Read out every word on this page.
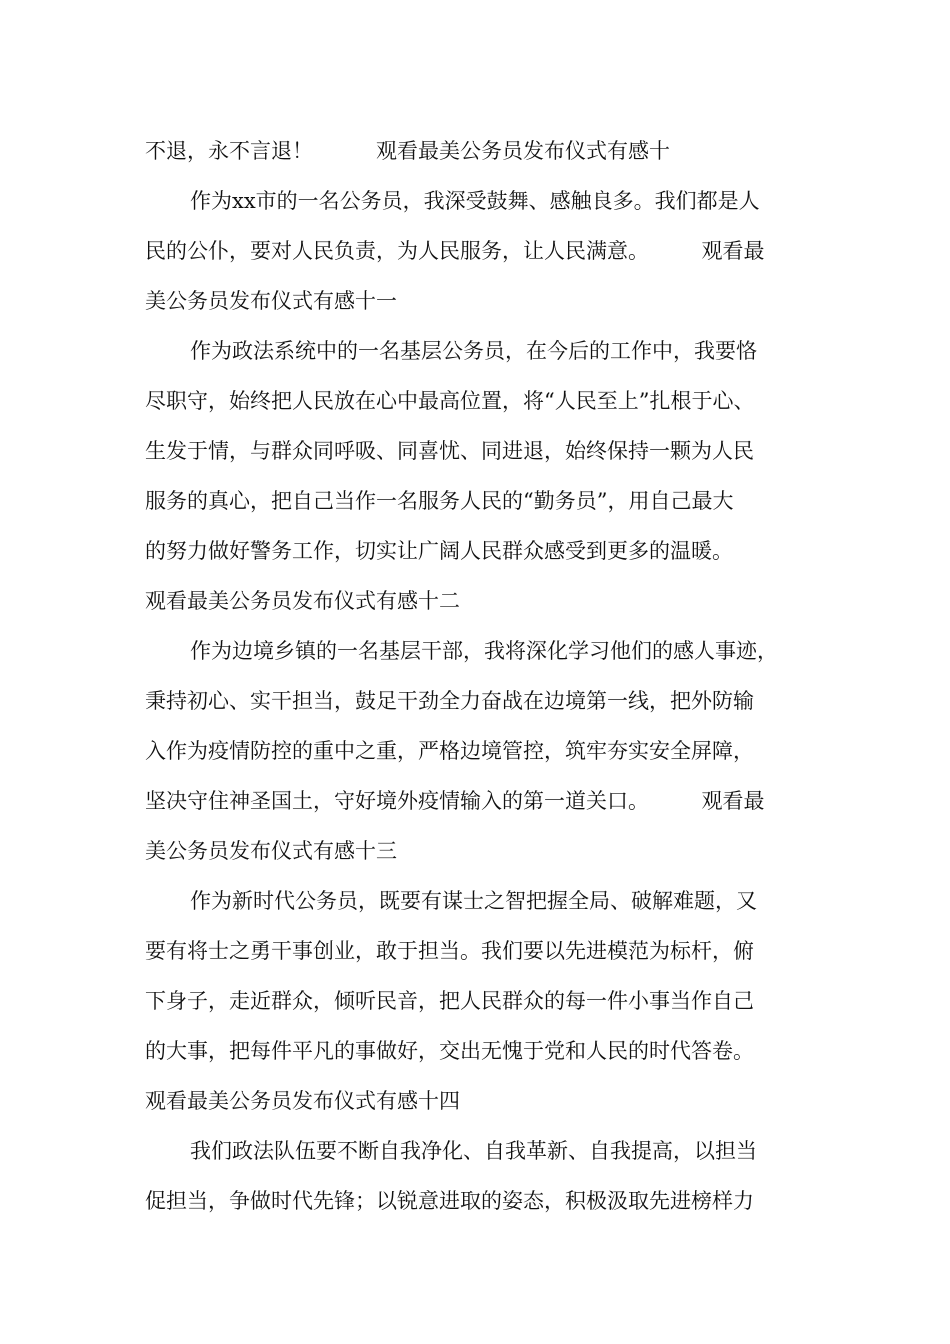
不退，永不言退！　　　观看最美公务员发布仪式有感十
作为xx市的一名公务员，我深受鼓舞、感触良多。我们都是人
民的公仆，要对人民负责，为人民服务，让人民满意。　　　观看最
美公务员发布仪式有感十一
作为政法系统中的一名基层公务员，在今后的工作中，我要恪
尽职守，始终把人民放在心中最高位置，将“人民至上”扎根于心、
生发于情，与群众同呼吸、同喜忧、同进退，始终保持一颗为人民
服务的真心，把自己当作一名服务人民的“勤务员”，用自己最大
的努力做好警务工作，切实让广阔人民群众感受到更多的温暖。
观看最美公务员发布仪式有感十二
作为边境乡镇的一名基层干部，我将深化学习他们的感人事迹，
秉持初心、实干担当，鼓足干劲全力奋战在边境第一线，把外防输
入作为疫情防控的重中之重，严格边境管控，筑牢夯实安全屏障，
坚决守住神圣国土，守好境外疫情输入的第一道关口。　　　观看最
美公务员发布仪式有感十三
作为新时代公务员，既要有谋士之智把握全局、破解难题，又
要有将士之勇干事创业，敢于担当。我们要以先进模范为标杆，俯
下身子，走近群众，倾听民音，把人民群众的每一件小事当作自己
的大事，把每件平凡的事做好，交出无愧于党和人民的时代答卷。
观看最美公务员发布仪式有感十四
我们政法队伍要不断自我净化、自我革新、自我提高，以担当
促担当，争做时代先锋；以锐意进取的姿态，积极汲取先进榜样力
